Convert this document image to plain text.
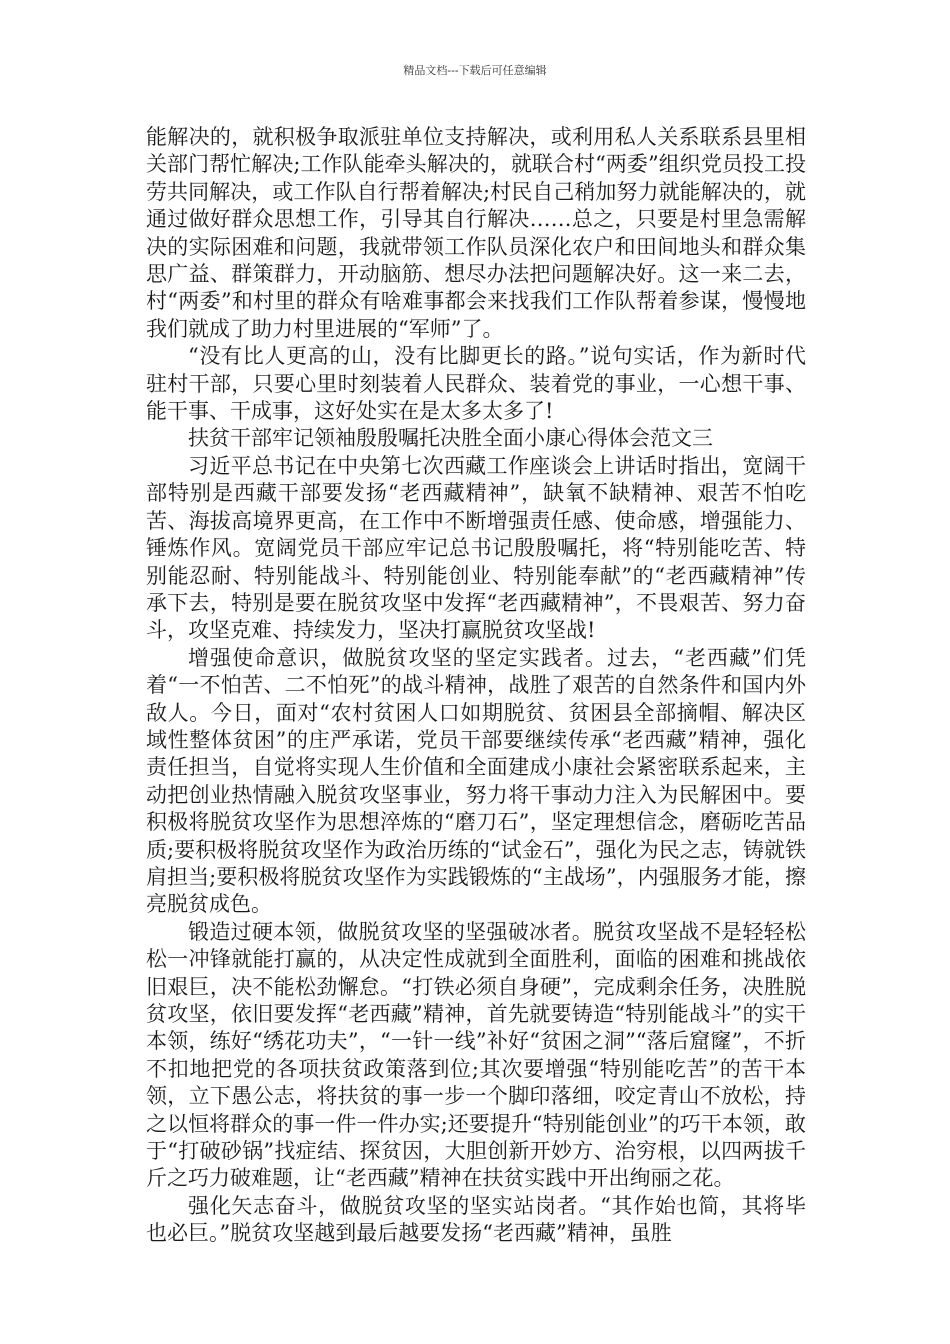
精品文档---下载后可任意编辑

能解决的，就积极争取派驻单位支持解决，或利用私人关系联系县里相关部门帮忙解决;工作队能牵头解决的，就联合村“两委”组织党员投工投劳共同解决，或工作队自行帮着解决;村民自己稍加努力就能解决的，就通过做好群众思想工作，引导其自行解决……总之，只要是村里急需解决的实际困难和问题，我就带领工作队员深化农户和田间地头和群众集思广益、群策群力，开动脑筋、想尽办法把问题解决好。这一来二去，村“两委”和村里的群众有啥难事都会来找我们工作队帮着参谋，慢慢地我们就成了助力村里进展的“军师”了。

“没有比人更高的山，没有比脚更长的路。”说句实话，作为新时代驻村干部，只要心里时刻装着人民群众、装着党的事业，一心想干事、能干事、干成事，这好处实在是太多太多了!

扶贫干部牢记领袖殷殷嘱托决胜全面小康心得体会范文三

习近平总书记在中央第七次西藏工作座谈会上讲话时指出，宽阔干部特别是西藏干部要发扬“老西藏精神”，缺氧不缺精神、艰苦不怕吃苦、海拔高境界更高，在工作中不断增强责任感、使命感，增强能力、锤炼作风。宽阔党员干部应牢记总书记殷殷嘱托，将“特别能吃苦、特别能忍耐、特别能战斗、特别能创业、特别能奉献”的“老西藏精神”传承下去，特别是要在脱贫攻坚中发挥“老西藏精神”，不畏艰苦、努力奋斗，攻坚克难、持续发力，坚决打赢脱贫攻坚战!

增强使命意识，做脱贫攻坚的坚定实践者。过去，“老西藏”们凭着“一不怕苦、二不怕死”的战斗精神，战胜了艰苦的自然条件和国内外敌人。今日，面对“农村贫困人口如期脱贫、贫困县全部摘帽、解决区域性整体贫困”的庄严承诺，党员干部要继续传承“老西藏”精神，强化责任担当，自觉将实现人生价值和全面建成小康社会紧密联系起来，主动把创业热情融入脱贫攻坚事业，努力将干事动力注入为民解困中。要积极将脱贫攻坚作为思想淬炼的“磨刀石”，坚定理想信念，磨砺吃苦品质;要积极将脱贫攻坚作为政治历练的“试金石”，强化为民之志，铸就铁肩担当;要积极将脱贫攻坚作为实践锻炼的“主战场”，内强服务才能，擦亮脱贫成色。

锻造过硬本领，做脱贫攻坚的坚强破冰者。脱贫攻坚战不是轻轻松松一冲锋就能打赢的，从决定性成就到全面胜利，面临的困难和挑战依旧艰巨，决不能松劲懈怠。“打铁必须自身硬”，完成剩余任务，决胜脱贫攻坚，依旧要发挥“老西藏”精神，首先就要铸造“特别能战斗”的实干本领，练好“绣花功夫”，“一针一线”补好“贫困之洞”“落后窟窿”，不折不扣地把党的各项扶贫政策落到位;其次要增强“特别能吃苦”的苦干本领，立下愚公志，将扶贫的事一步一个脚印落细，咬定青山不放松，持之以恒将群众的事一件一件办实;还要提升“特别能创业”的巧干本领，敢于“打破砂锅”找症结、探贫因，大胆创新开妙方、治穷根，以四两拔千斤之巧力破难题，让“老西藏”精神在扶贫实践中开出绚丽之花。

强化矢志奋斗，做脱贫攻坚的坚实站岗者。“其作始也简，其将毕也必巨。”脱贫攻坚越到最后越要发扬“老西藏”精神，虽胜
